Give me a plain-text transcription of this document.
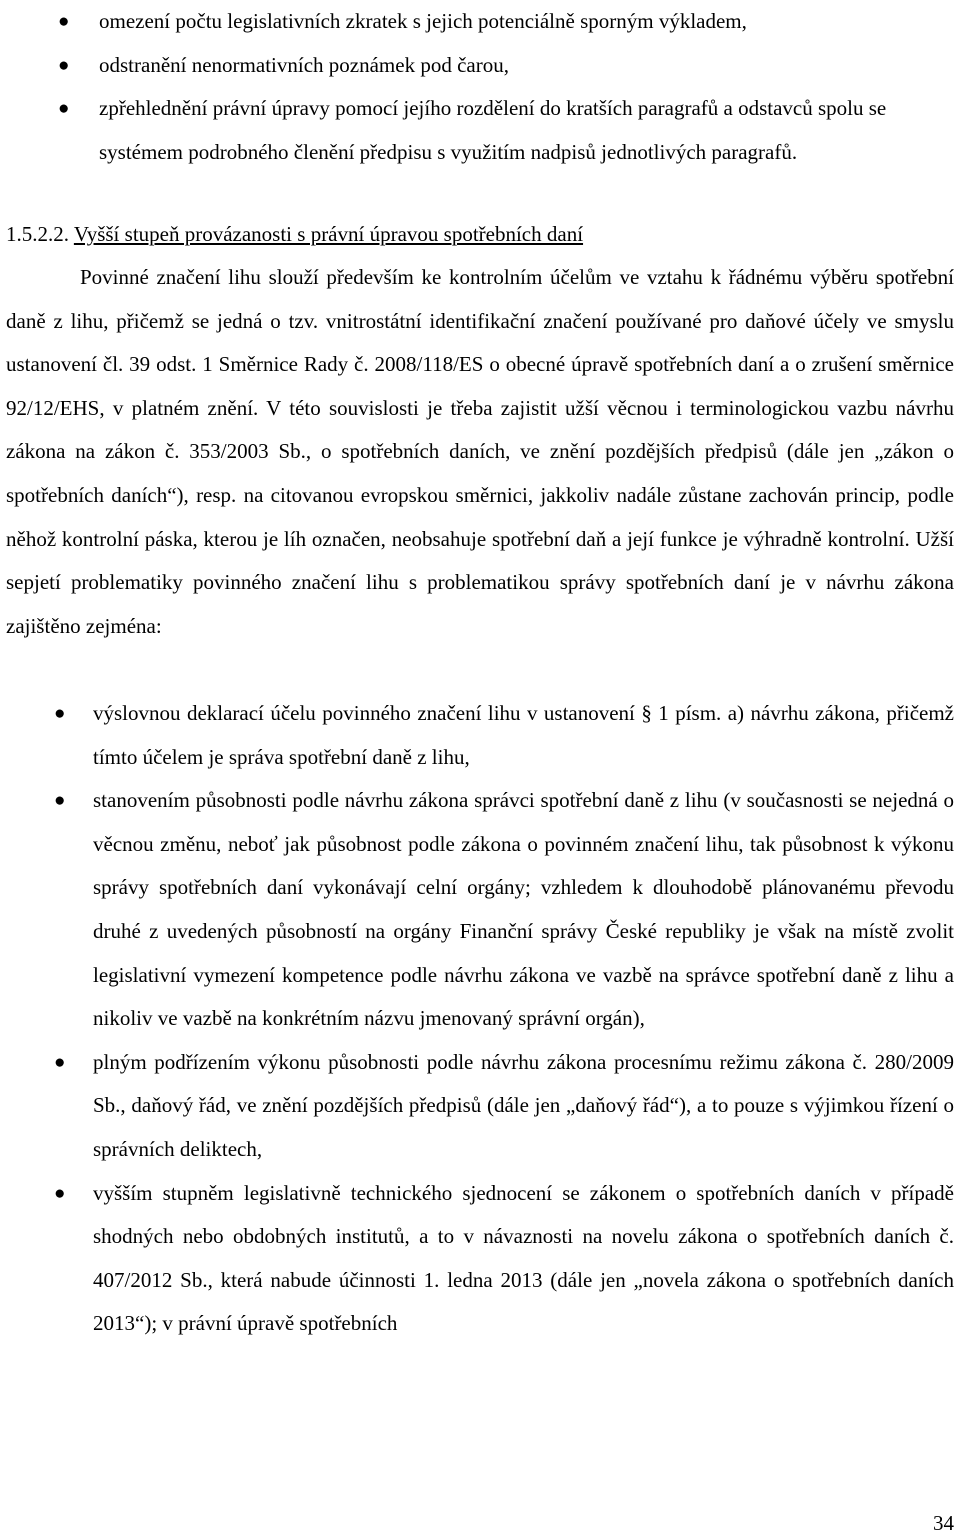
● omezení počtu legislativních zkratek s jejich potenciálně sporným výkladem,
● odstranění nenormativních poznámek pod čarou,
● zpřehlednění právní úpravy pomocí jejího rozdělení do kratších paragrafů a odstavců spolu se systémem podrobného členění předpisu s využitím nadpisů jednotlivých paragrafů.
1.5.2.2. Vyšší stupeň provázanosti s právní úpravou spotřebních daní

Povinné značení lihu slouží především ke kontrolním účelům ve vztahu k řádnému výběru spotřební daně z lihu, přičemž se jedná o tzv. vnitrostátní identifikační značení používané pro daňové účely ve smyslu ustanovení čl. 39 odst. 1 Směrnice Rady č. 2008/118/ES o obecné úpravě spotřebních daní a o zrušení směrnice 92/12/EHS, v platném znění. V této souvislosti je třeba zajistit užší věcnou i terminologickou vazbu návrhu zákona na zákon č. 353/2003 Sb., o spotřebních daních, ve znění pozdějších předpisů (dále jen „zákon o spotřebních daních“), resp. na citovanou evropskou směrnici, jakkoliv nadále zůstane zachován princip, podle něhož kontrolní páska, kterou je líh označen, neobsahuje spotřební daň a její funkce je výhradně kontrolní. Užší sepjetí problematiky povinného značení lihu s problematikou správy spotřebních daní je v návrhu zákona zajištěno zejména:

● výslovnou deklarací účelu povinného značení lihu v ustanovení § 1 písm. a) návrhu zákona, přičemž tímto účelem je správa spotřební daně z lihu,
● stanovením působnosti podle návrhu zákona správci spotřební daně z lihu (v současnosti se nejedná o věcnou změnu, neboť jak působnost podle zákona o povinném značení lihu, tak působnost k výkonu správy spotřebních daní vykonávají celní orgány; vzhledem k dlouhodobě plánovanému převodu druhé z uvedených působností na orgány Finanční správy České republiky je však na místě zvolit legislativní vymezení kompetence podle návrhu zákona ve vazbě na správce spotřební daně z lihu a nikoliv ve vazbě na konkrétním názvu jmenovaný správní orgán),
● plným podřízením výkonu působnosti podle návrhu zákona procesnímu režimu zákona č. 280/2009 Sb., daňový řád, ve znění pozdějších předpisů (dále jen „daňový řád“), a to pouze s výjimkou řízení o správních deliktech,
● vyšším stupněm legislativně technického sjednocení se zákonem o spotřebních daních v případě shodných nebo obdobných institutů, a to v návaznosti na novelu zákona o spotřebních daních č. 407/2012 Sb., která nabude účinnosti 1. ledna 2013 (dále jen „novela zákona o spotřebních daních 2013“); v právní úpravě spotřebních
34
